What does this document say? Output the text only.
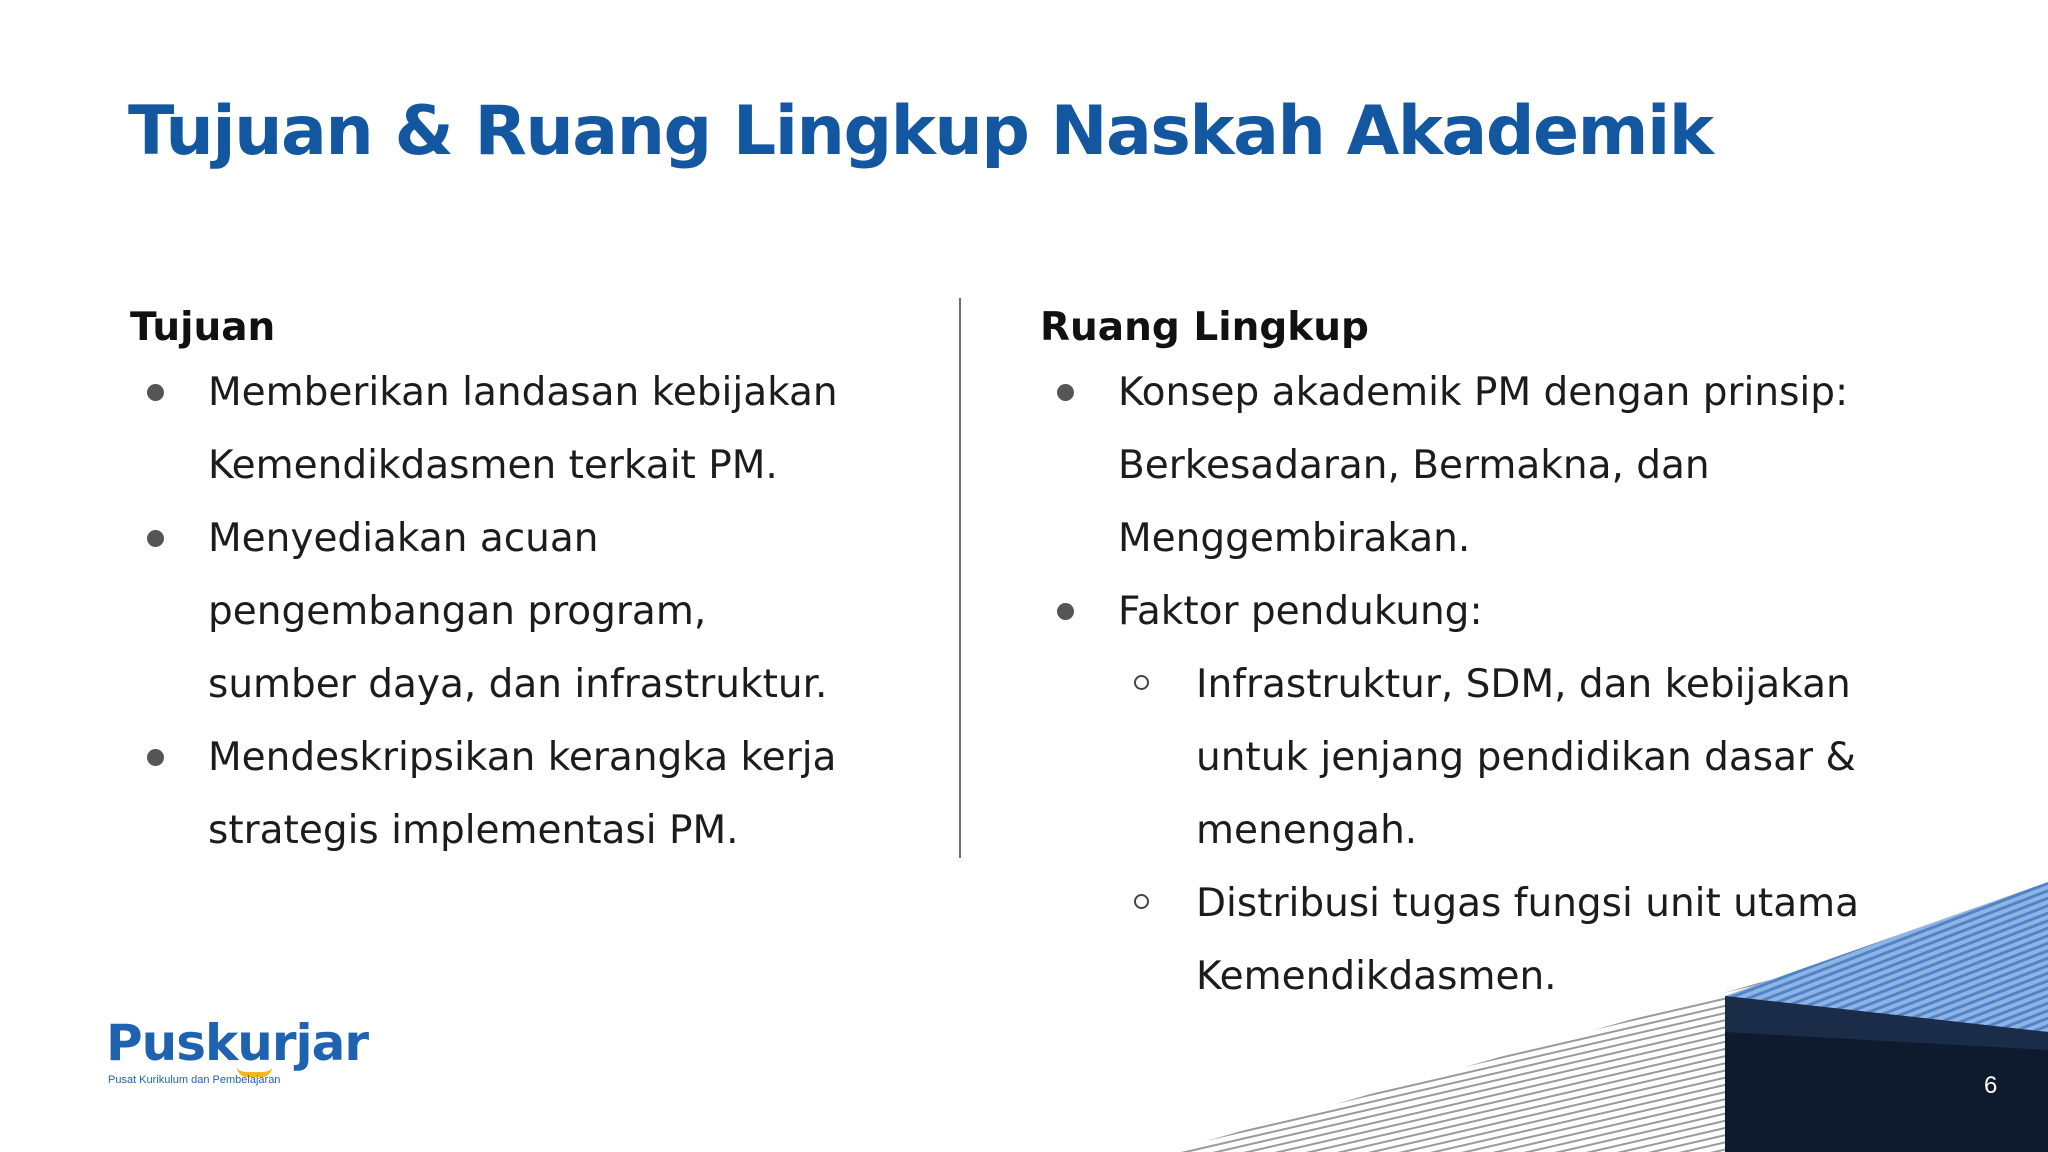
Tujuan & Ruang Lingkup Naskah Akademik
Tujuan
Memberikan landasan kebijakan
Kemendikdasmen terkait PM.
Menyediakan acuan
pengembangan program,
sumber daya, dan infrastruktur.
Mendeskripsikan kerangka kerja
strategis implementasi PM.
Ruang Lingkup
Konsep akademik PM dengan prinsip:
Berkesadaran, Bermakna, dan
Menggembirakan.
Faktor pendukung:
Infrastruktur, SDM, dan kebijakan
untuk jenjang pendidikan dasar &
menengah.
Distribusi tugas fungsi unit utama
Kemendikdasmen.
Puskurjar
Pusat Kurikulum dan Pembelajaran	6
